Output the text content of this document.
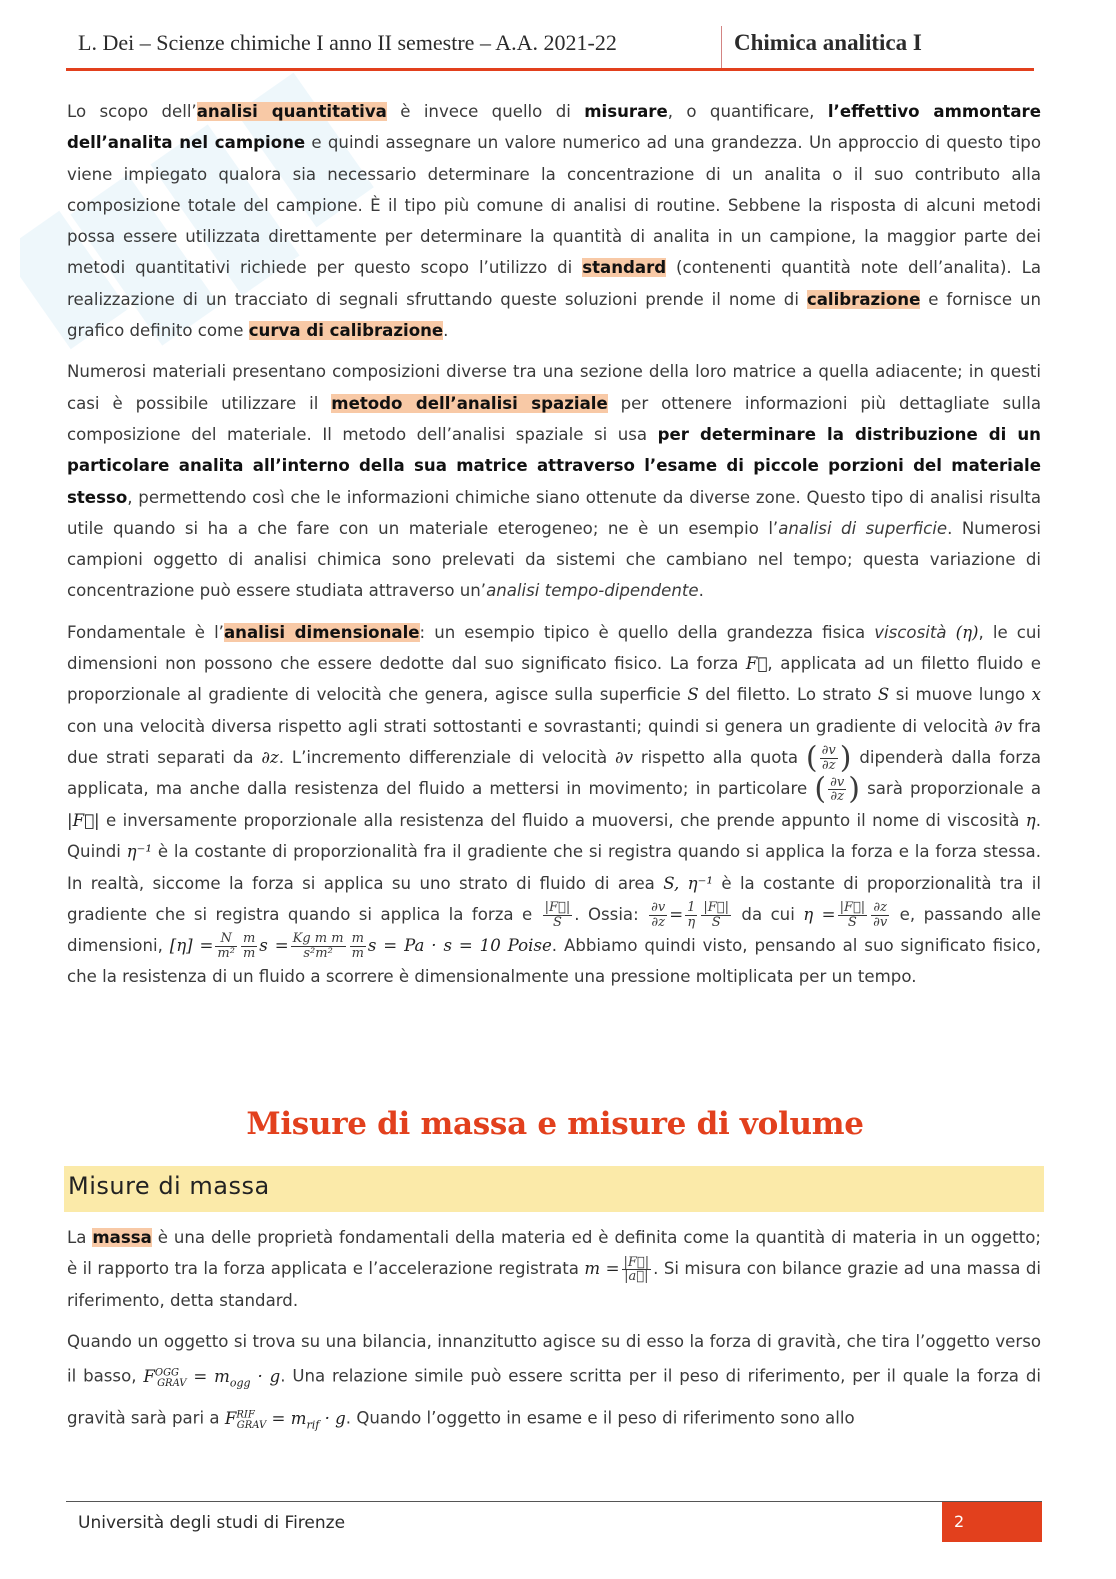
L. Dei – Scienze chimiche I anno II semestre – A.A. 2021-22	Chimica analitica I

Lo scopo dell’analisi quantitativa è invece quello di misurare, o quantificare, l’effettivo ammontare dell’analita nel campione e quindi assegnare un valore numerico ad una grandezza. Un approccio di questo tipo viene impiegato qualora sia necessario determinare la concentrazione di un analita o il suo contributo alla composizione totale del campione. È il tipo più comune di analisi di routine. Sebbene la risposta di alcuni metodi possa essere utilizzata direttamente per determinare la quantità di analita in un campione, la maggior parte dei metodi quantitativi richiede per questo scopo l’utilizzo di standard (contenenti quantità note dell’analita). La realizzazione di un tracciato di segnali sfruttando queste soluzioni prende il nome di calibrazione e fornisce un grafico definito come curva di calibrazione.

Numerosi materiali presentano composizioni diverse tra una sezione della loro matrice a quella adiacente; in questi casi è possibile utilizzare il metodo dell’analisi spaziale per ottenere informazioni più dettagliate sulla composizione del materiale. Il metodo dell’analisi spaziale si usa per determinare la distribuzione di un particolare analita all’interno della sua matrice attraverso l’esame di piccole porzioni del materiale stesso, permettendo così che le informazioni chimiche siano ottenute da diverse zone. Questo tipo di analisi risulta utile quando si ha a che fare con un materiale eterogeneo; ne è un esempio l’analisi di superficie. Numerosi campioni oggetto di analisi chimica sono prelevati da sistemi che cambiano nel tempo; questa variazione di concentrazione può essere studiata attraverso un’analisi tempo-dipendente.

Fondamentale è l’analisi dimensionale: un esempio tipico è quello della grandezza fisica viscosità (η), le cui dimensioni non possono che essere dedotte dal suo significato fisico. La forza F⃗, applicata ad un filetto fluido e proporzionale al gradiente di velocità che genera, agisce sulla superficie S del filetto. Lo strato S si muove lungo x con una velocità diversa rispetto agli strati sottostanti e sovrastanti; quindi si genera un gradiente di velocità ∂v fra due strati separati da ∂z. L’incremento differenziale di velocità ∂v rispetto alla quota ( $\frac{\partial v}{\partial z}$ ) dipenderà dalla forza applicata, ma anche dalla resistenza del fluido a mettersi in movimento; in particolare ( $\frac{\partial v}{\partial z}$ ) sarà proporzionale a |F⃗| e inversamente proporzionale alla resistenza del fluido a muoversi, che prende appunto il nome di viscosità η. Quindi η⁻¹ è la costante di proporzionalità fra il gradiente che si registra quando si applica la forza e la forza stessa. In realtà, siccome la forza si applica su uno strato di fluido di area S, η⁻¹ è la costante di proporzionalità tra il gradiente che si registra quando si applica la forza e $\frac{|F⃗|}{S}$ . Ossia: $\frac{\partial v}{\partial z} = \frac{1}{\eta} \frac{|F⃗|}{S}$ da cui $\eta = \frac{|F⃗|}{S} \frac{\partial z}{\partial v} e$, passando alle dimensioni, $[\eta] = \frac{N}{\text{m²}} \frac{m}{m}$ $s = \frac{\text{Kg m m}}{\text{s²m²}} \frac{m}{m}$ s = Pa · s = 10 Poise. Abbiamo quindi visto, pensando al suo significato fisico, che la resistenza di un fluido a scorrere è dimensionalmente una pressione moltiplicata per un tempo.

Misure di massa e misure di volume
Misure di massa

La massa è una delle proprietà fondamentali della materia ed è definita come la quantità di materia in un oggetto; è il rapporto tra la forza applicata e l’accelerazione registrata $m = \frac{|F⃗|}{|a⃗|}$ . Si misura con bilance grazie ad una massa di riferimento, detta standard.

Quando un oggetto si trova su una bilancia, innanzitutto agisce su di esso la forza di gravità, che tira l’oggetto verso il basso, $F^{OGG}_{GRAV} = m_{ogg} \cdot g$. Una relazione simile può essere scritta per il peso di riferimento, per il quale la forza di gravità sarà pari a $F^{RIF}_{GRAV} = m_{rif} \cdot g$. Quando l’oggetto in esame e il peso di riferimento sono allo

Università degli studi di Firenze	2
